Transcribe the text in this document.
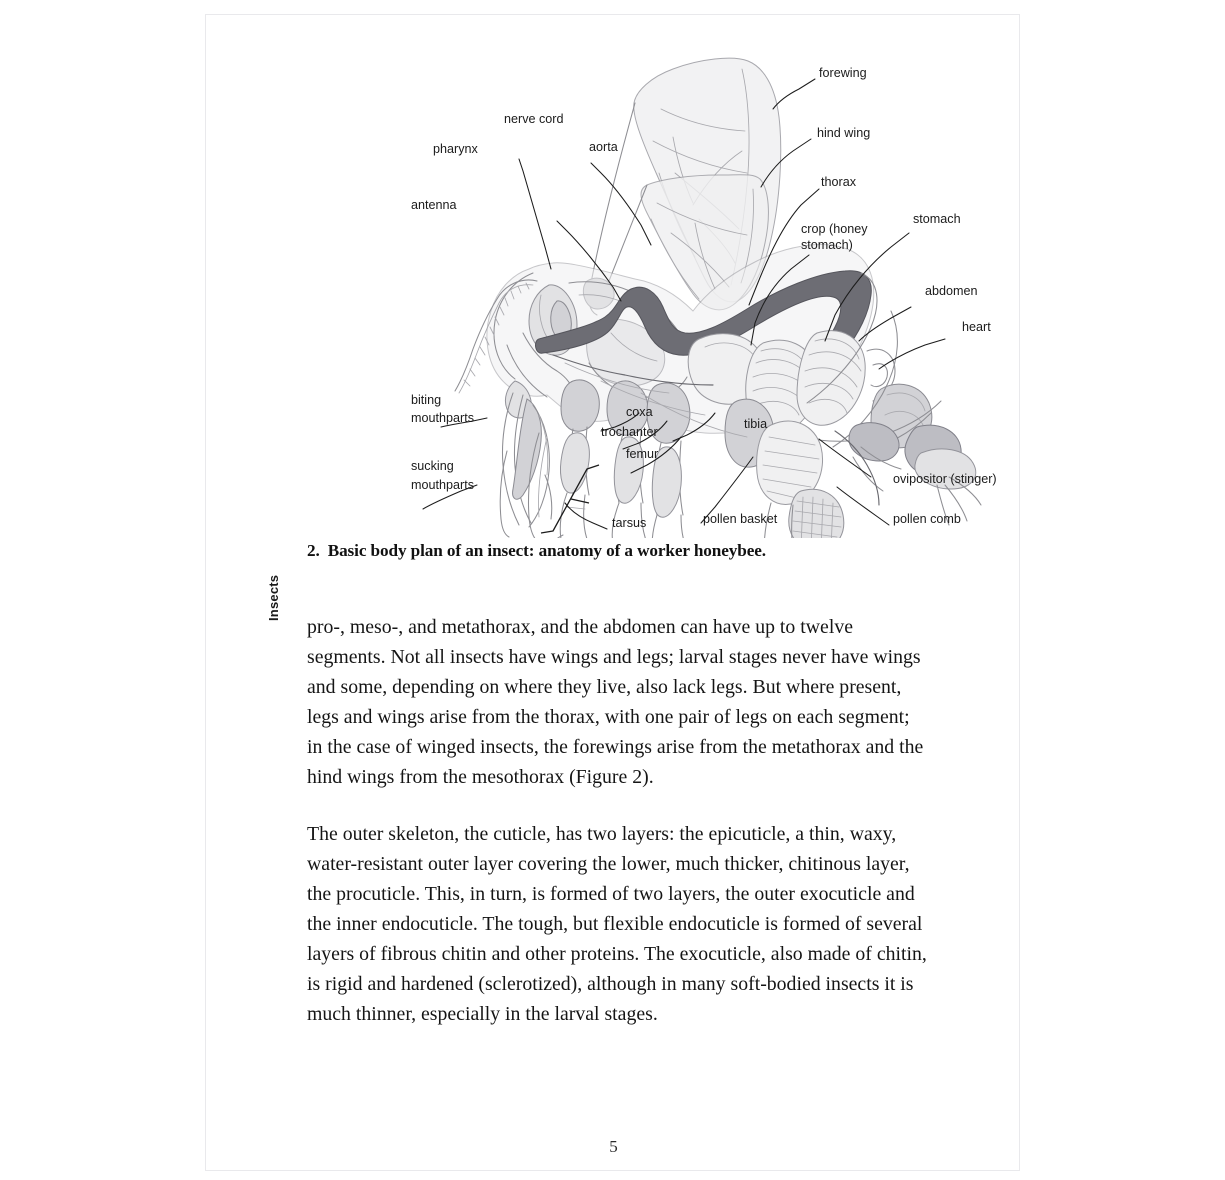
forewing
nerve cord
hind wing
pharynx	aorta
thorax
antenna
stomach
crop (honey
stomach)
abdomen
heart
biting
mouthparts	coxa
tibia
trochanter
femur
sucking
mouthparts	ovipositor (stinger)
tarsus	pollen basket	pollen comb
2. Basic body plan of an insect: anatomy of a worker honeybee.
Insects

pro-, meso-, and metathorax, and the abdomen can have up to twelve segments. Not all insects have wings and legs; larval stages never have wings and some, depending on where they live, also lack legs. But where present, legs and wings arise from the thorax, with one pair of legs on each segment; in the case of winged insects, the forewings arise from the metathorax and the hind wings from the mesothorax (Figure 2).

The outer skeleton, the cuticle, has two layers: the epicuticle, a thin, waxy, water-resistant outer layer covering the lower, much thicker, chitinous layer, the procuticle. This, in turn, is formed of two layers, the outer exocuticle and the inner endocuticle. The tough, but flexible endocuticle is formed of several layers of fibrous chitin and other proteins. The exocuticle, also made of chitin, is rigid and hardened (sclerotized), although in many soft-bodied insects it is much thinner, especially in the larval stages.

5
